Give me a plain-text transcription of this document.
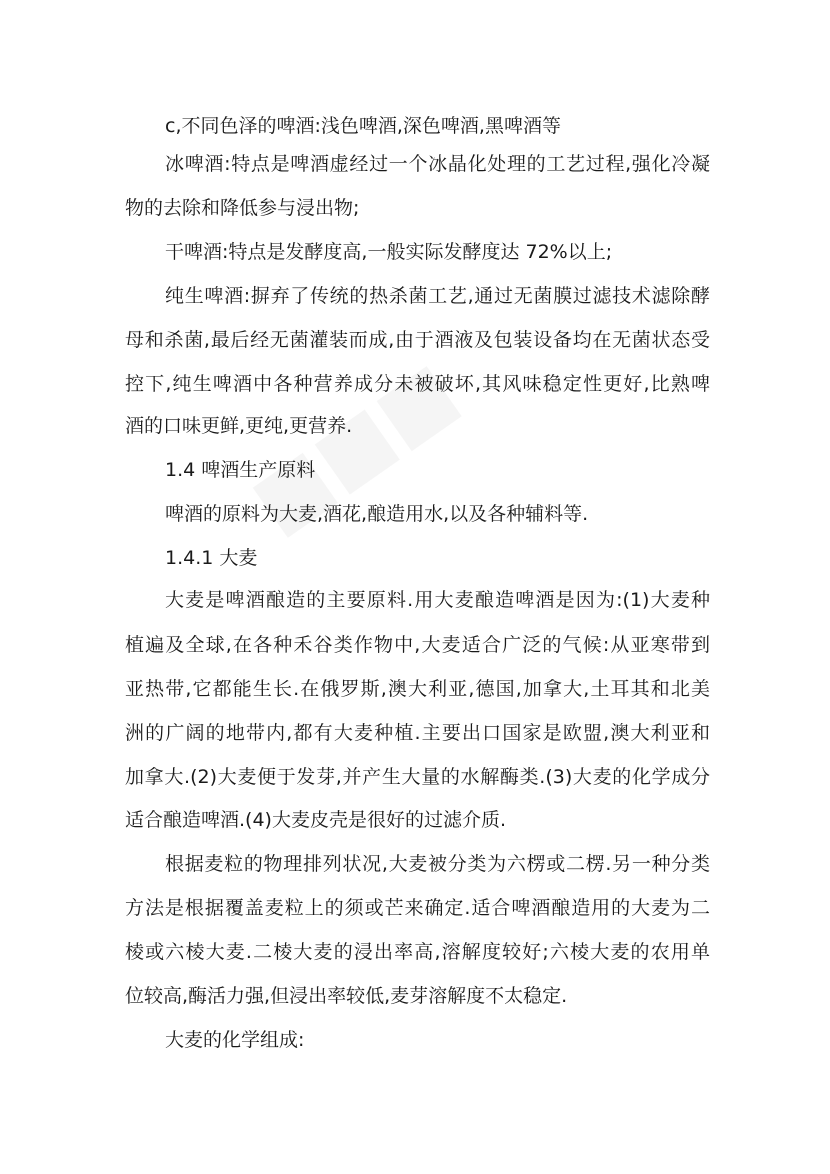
c,不同色泽的啤酒:浅色啤酒,深色啤酒,黑啤酒等

冰啤酒:特点是啤酒虚经过一个冰晶化处理的工艺过程,强化冷凝

物的去除和降低参与浸出物;

干啤酒:特点是发酵度高,一般实际发酵度达 72%以上;

纯生啤酒:摒弃了传统的热杀菌工艺,通过无菌膜过滤技术滤除酵

母和杀菌,最后经无菌灌装而成,由于酒液及包装设备均在无菌状态受

控下,纯生啤酒中各种营养成分未被破坏,其风味稳定性更好,比熟啤

酒的口味更鲜,更纯,更营养.

1.4 啤酒生产原料

啤酒的原料为大麦,酒花,酿造用水,以及各种辅料等.

1.4.1 大麦

大麦是啤酒酿造的主要原料.用大麦酿造啤酒是因为:(1)大麦种

植遍及全球,在各种禾谷类作物中,大麦适合广泛的气候:从亚寒带到

亚热带,它都能生长.在俄罗斯,澳大利亚,德国,加拿大,土耳其和北美

洲的广阔的地带内,都有大麦种植.主要出口国家是欧盟,澳大利亚和

加拿大.(2)大麦便于发芽,并产生大量的水解酶类.(3)大麦的化学成分

适合酿造啤酒.(4)大麦皮壳是很好的过滤介质.

根据麦粒的物理排列状况,大麦被分类为六楞或二楞.另一种分类

方法是根据覆盖麦粒上的须或芒来确定.适合啤酒酿造用的大麦为二

棱或六棱大麦.二棱大麦的浸出率高,溶解度较好;六棱大麦的农用单

位较高,酶活力强,但浸出率较低,麦芽溶解度不太稳定.

大麦的化学组成:
